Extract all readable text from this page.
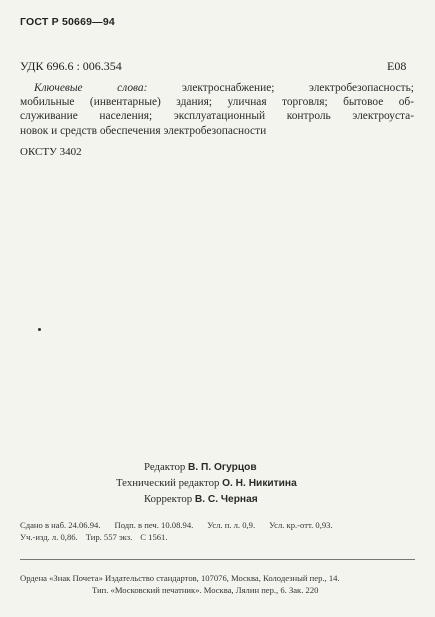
ГОСТ Р 50669—94
УДК 696.6 : 006.354	Е08
Ключевые слова:	электроснабжение; электробезопасность;
мобильные (инвентарные) здания; уличная торговля; бытовое об-
служивание населения; эксплуатационный контроль электроуста-
новок и средств обеспечения электробезопасности
ОКСТУ 3402
Редактор В. П. Огурцов
Технический редактор О. Н. Никитина
Корректор В. С. Черная
Сдано в наб. 24.06.94. Подп. в печ. 10.08.94. Усл. п. л. 0,9. Усл. кр.-отт. 0,93.
Уч.-изд. л. 0,86. Тир. 557 экз. С 1561.
Ордена «Знак Почета» Издательство стандартов, 107076, Москва, Колодезный пер., 14.
Тип. «Московский печатник». Москва, Лялин пер., 6. Зак. 220
